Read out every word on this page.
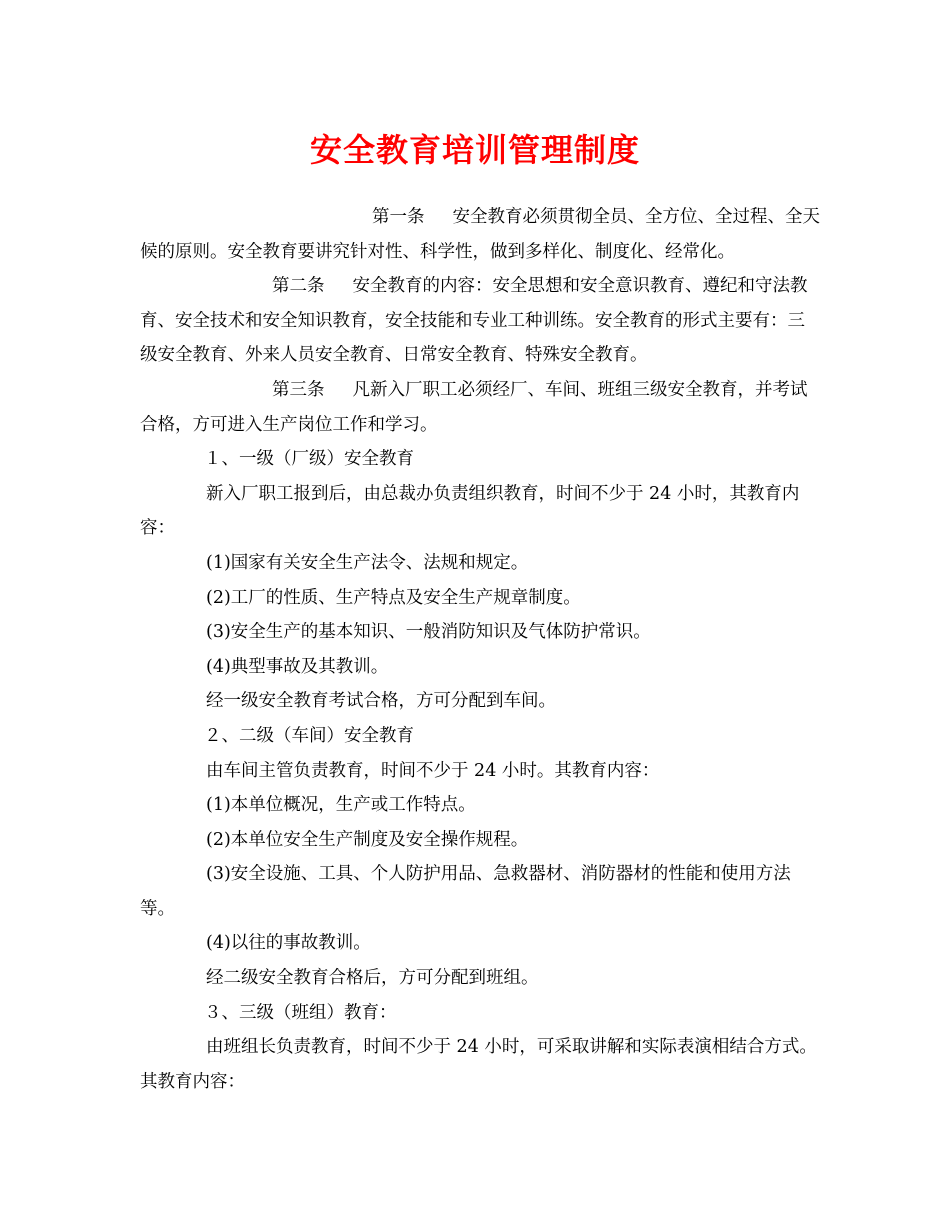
安全教育培训管理制度

第一条 安全教育必须贯彻全员、全方位、全过程、全天候的原则。安全教育要讲究针对性、科学性，做到多样化、制度化、经常化。

第二条 安全教育的内容：安全思想和安全意识教育、遵纪和守法教育、安全技术和安全知识教育，安全技能和专业工种训练。安全教育的形式主要有：三级安全教育、外来人员安全教育、日常安全教育、特殊安全教育。

第三条 凡新入厂职工必须经厂、车间、班组三级安全教育，并考试合格，方可进入生产岗位工作和学习。

１、一级（厂级）安全教育

新入厂职工报到后，由总裁办负责组织教育，时间不少于 24 小时，其教育内容：

(1)国家有关安全生产法令、法规和规定。

(2)工厂的性质、生产特点及安全生产规章制度。

(3)安全生产的基本知识、一般消防知识及气体防护常识。

(4)典型事故及其教训。

经一级安全教育考试合格，方可分配到车间。

２、二级（车间）安全教育

由车间主管负责教育，时间不少于 24 小时。其教育内容：

(1)本单位概况，生产或工作特点。

(2)本单位安全生产制度及安全操作规程。

(3)安全设施、工具、个人防护用品、急救器材、消防器材的性能和使用方法等。

(4)以往的事故教训。

经二级安全教育合格后，方可分配到班组。

３、三级（班组）教育：

由班组长负责教育，时间不少于 24 小时，可采取讲解和实际表演相结合方式。其教育内容：
